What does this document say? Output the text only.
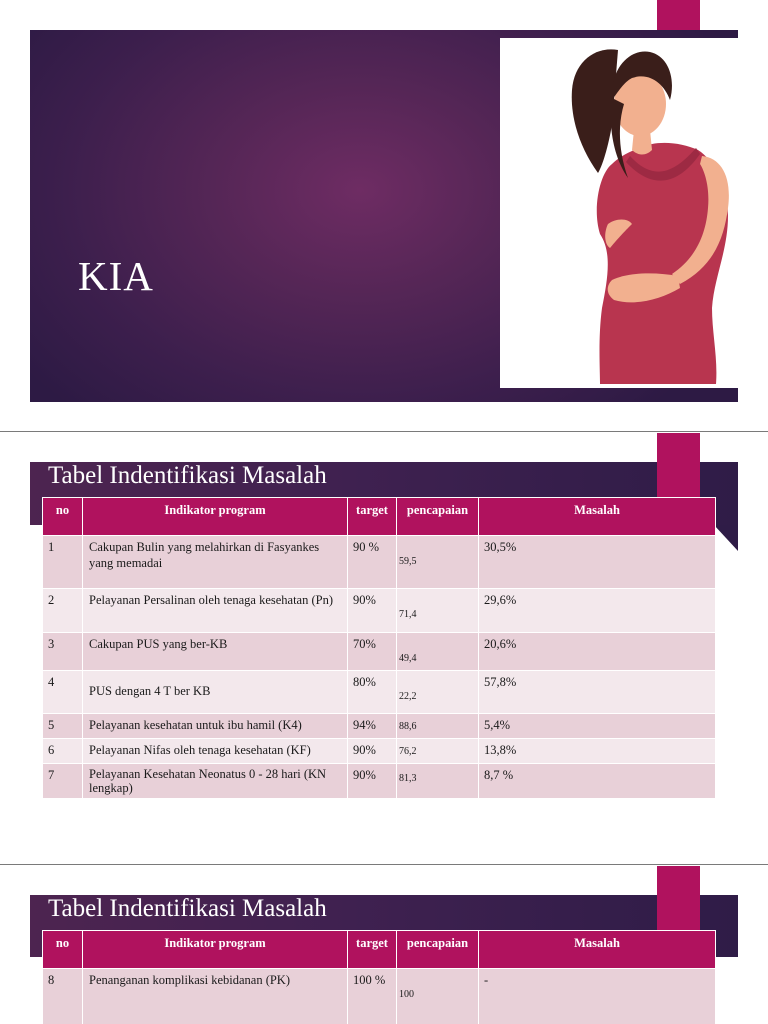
KIA
Tabel Indentifikasi Masalah
no	Indikator program	target	pencapaian	Masalah
1	Cakupan Bulin yang melahirkan di Fasyankes yang memadai	90 %	59,5	30,5%
2	Pelayanan Persalinan oleh tenaga kesehatan (Pn)	90%	71,4	29,6%
3	Cakupan PUS yang ber-KB	70%	49,4	20,6%
4	PUS dengan 4 T ber KB	80%	22,2	57,8%
5	Pelayanan kesehatan untuk ibu hamil (K4)	94%	88,6	5,4%
6	Pelayanan Nifas oleh tenaga kesehatan (KF)	90%	76,2	13,8%
7	Pelayanan Kesehatan Neonatus 0 - 28 hari (KN lengkap)	90%	81,3	8,7 %
Tabel Indentifikasi Masalah
no	Indikator program	target	pencapaian	Masalah
8	Penanganan komplikasi kebidanan (PK)	100 %	100	-
